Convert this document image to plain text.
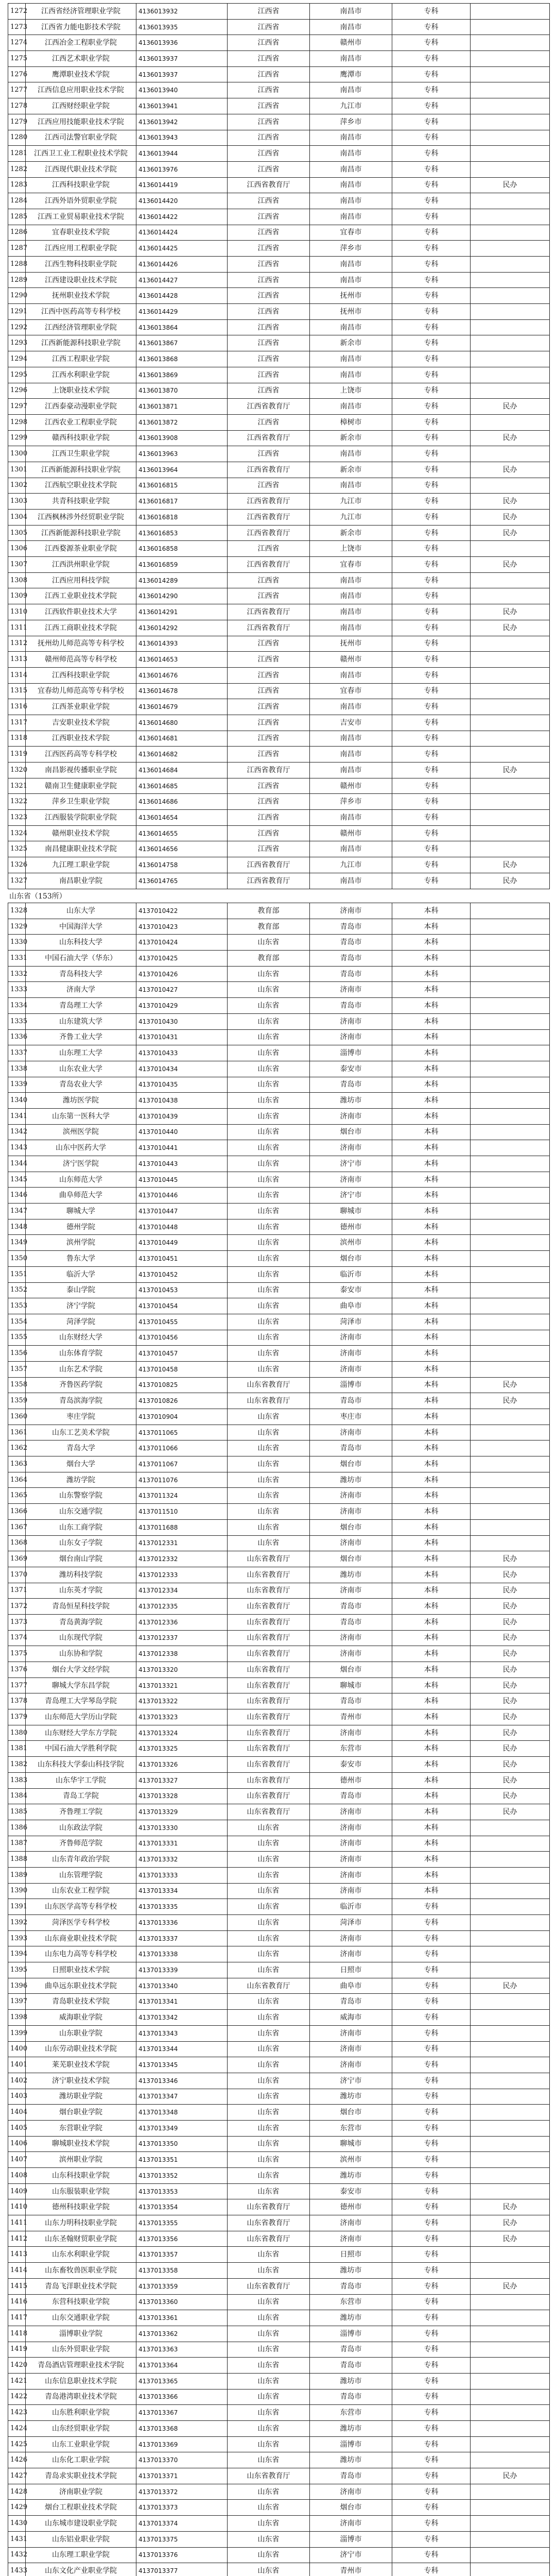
1272	江西省经济管理职业学院	4136013932	江西省	南昌市	专科	
1273	江西省力能电影技术学院	4136013935	江西省	南昌市	专科	
1274	江西冶金工程职业学院	4136013936	江西省	赣州市	专科	
1275	江西艺术职业学院	4136013937	江西省	南昌市	专科	
1276	鹰潭职业技术学院	4136013937	江西省	鹰潭市	专科	
1277	江西信息应用职业技术学院	4136013940	江西省	南昌市	专科	
1278	江西财经职业学院	4136013941	江西省	九江市	专科	
1279	江西应用技能职业技术学院	4136013942	江西省	萍乡市	专科	
1280	江西司法警官职业学院	4136013943	江西省	南昌市	专科	
1281	江西卫工业工程职业技术学院	4136013944	江西省	南昌市	专科	
1282	江西现代职业技术学院	4136013976	江西省	南昌市	专科	
1283	江西科技职业学院	4136014419	江西省教育厅	南昌市	专科	民办
1284	江西外语外贸职业学院	4136014420	江西省	南昌市	专科	
1285	江西工业贸易职业技术学院	4136014422	江西省	南昌市	专科	
1286	宜春职业技术学院	4136014424	江西省	宜春市	专科	
1287	江西应用工程职业学院	4136014425	江西省	萍乡市	专科	
1288	江西生物科技职业学院	4136014426	江西省	南昌市	专科	
1289	江西建设职业技术学院	4136014427	江西省	南昌市	专科	
1290	抚州职业技术学院	4136014428	江西省	抚州市	专科	
1291	江西中医药高等专科学校	4136014429	江西省	抚州市	专科	
1292	江西经济管理职业学院	4136013864	江西省	南昌市	专科	
1293	江西新能源科技职业学院	4136013867	江西省	新余市	专科	
1294	江西工程职业学院	4136013868	江西省	南昌市	专科	
1295	江西水利职业学院	4136013869	江西省	南昌市	专科	
1296	上饶职业技术学院	4136013870	江西省	上饶市	专科	
1297	江西泰豪动漫职业学院	4136013871	江西省教育厅	南昌市	专科	民办
1298	江西农业工程职业学院	4136013872	江西省	樟树市	专科	
1299	赣西科技职业学院	4136013908	江西省教育厅	新余市	专科	民办
1300	江西卫生职业学院	4136013963	江西省	南昌市	专科	
1301	江西新能源科技职业学院	4136013964	江西省教育厅	新余市	专科	民办
1302	江西航空职业技术学院	4136016815	江西省	南昌市	专科	
1303	共青科技职业学院	4136016817	江西省教育厅	九江市	专科	民办
1304	江西枫林涉外经贸职业学院	4136016818	江西省教育厅	九江市	专科	民办
1305	江西新能源科技职业学院	4136016853	江西省教育厅	新余市	专科	民办
1306	江西婺源茶业职业学院	4136016858	江西省	上饶市	专科	
1307	江西洪州职业学院	4136016859	江西省教育厅	宜春市	专科	民办
1308	江西应用科技学院	4136014289	江西省	南昌市	专科	
1309	江西工业职业技术学院	4136014290	江西省	南昌市	专科	
1310	江西软件职业技术大学	4136014291	江西省教育厅	南昌市	专科	民办
1311	江西工商职业技术学院	4136014292	江西省教育厅	南昌市	专科	民办
1312	抚州幼儿师范高等专科学校	4136014393	江西省	抚州市	专科	
1313	赣州师范高等专科学校	4136014653	江西省	赣州市	专科	
1314	江西科技职业学院	4136014676	江西省	南昌市	专科	
1315	宜春幼儿师范高等专科学校	4136014678	江西省	宜春市	专科	
1316	江西茶业职业学院	4136014679	江西省	南昌市	专科	
1317	吉安职业技术学院	4136014680	江西省	吉安市	专科	
1318	江西职业技术学院	4136014681	江西省	南昌市	专科	
1319	江西医药高等专科学校	4136014682	江西省	南昌市	专科	
1320	南昌影视传播职业学院	4136014684	江西省教育厅	南昌市	专科	民办
1321	赣南卫生健康职业学院	4136014685	江西省	赣州市	专科	
1322	萍乡卫生职业学院	4136014686	江西省	萍乡市	专科	
1323	江西服装学院职业学院	4136014654	江西省	南昌市	专科	
1324	赣州职业技术学院	4136014655	江西省	赣州市	专科	
1325	南昌健康职业技术学院	4136014656	江西省	南昌市	专科	
1326	九江理工职业学院	4136014758	江西省教育厅	九江市	专科	民办
1327	南昌职业学院	4136014765	江西省教育厅	南昌市	专科	民办
山东省（153所）
1328	山东大学	4137010422	教育部	济南市	本科	
1329	中国海洋大学	4137010423	教育部	青岛市	本科	
1330	山东科技大学	4137010424	山东省	青岛市	本科	
1331	中国石油大学（华东）	4137010425	教育部	青岛市	本科	
1332	青岛科技大学	4137010426	山东省	青岛市	本科	
1333	济南大学	4137010427	山东省	济南市	本科	
1334	青岛理工大学	4137010429	山东省	青岛市	本科	
1335	山东建筑大学	4137010430	山东省	济南市	本科	
1336	齐鲁工业大学	4137010431	山东省	济南市	本科	
1337	山东理工大学	4137010433	山东省	淄博市	本科	
1338	山东农业大学	4137010434	山东省	泰安市	本科	
1339	青岛农业大学	4137010435	山东省	青岛市	本科	
1340	潍坊医学院	4137010438	山东省	潍坊市	本科	
1341	山东第一医科大学	4137010439	山东省	济南市	本科	
1342	滨州医学院	4137010440	山东省	烟台市	本科	
1343	山东中医药大学	4137010441	山东省	济南市	本科	
1344	济宁医学院	4137010443	山东省	济宁市	本科	
1345	山东师范大学	4137010445	山东省	济南市	本科	
1346	曲阜师范大学	4137010446	山东省	济宁市	本科	
1347	聊城大学	4137010447	山东省	聊城市	本科	
1348	德州学院	4137010448	山东省	德州市	本科	
1349	滨州学院	4137010449	山东省	滨州市	本科	
1350	鲁东大学	4137010451	山东省	烟台市	本科	
1351	临沂大学	4137010452	山东省	临沂市	本科	
1352	泰山学院	4137010453	山东省	泰安市	本科	
1353	济宁学院	4137010454	山东省	曲阜市	本科	
1354	菏泽学院	4137010455	山东省	菏泽市	本科	
1355	山东财经大学	4137010456	山东省	济南市	本科	
1356	山东体育学院	4137010457	山东省	济南市	本科	
1357	山东艺术学院	4137010458	山东省	济南市	本科	
1358	齐鲁医药学院	4137010825	山东省教育厅	淄博市	本科	民办
1359	青岛滨海学院	4137010826	山东省教育厅	青岛市	本科	民办
1360	枣庄学院	4137010904	山东省	枣庄市	本科	
1361	山东工艺美术学院	4137011065	山东省	济南市	本科	
1362	青岛大学	4137011066	山东省	青岛市	本科	
1363	烟台大学	4137011067	山东省	烟台市	本科	
1364	潍坊学院	4137011076	山东省	潍坊市	本科	
1365	山东警察学院	4137011324	山东省	济南市	本科	
1366	山东交通学院	4137011510	山东省	济南市	本科	
1367	山东工商学院	4137011688	山东省	烟台市	本科	
1368	山东女子学院	4137012331	山东省	济南市	本科	
1369	烟台南山学院	4137012332	山东省教育厅	烟台市	本科	民办
1370	潍坊科技学院	4137012333	山东省教育厅	潍坊市	本科	民办
1371	山东英才学院	4137012334	山东省教育厅	济南市	本科	民办
1372	青岛恒星科技学院	4137012335	山东省教育厅	青岛市	本科	民办
1373	青岛黄海学院	4137012336	山东省教育厅	青岛市	本科	民办
1374	山东现代学院	4137012337	山东省教育厅	济南市	本科	民办
1375	山东协和学院	4137012338	山东省教育厅	济南市	本科	民办
1376	烟台大学文经学院	4137013320	山东省教育厅	烟台市	本科	民办
1377	聊城大学东昌学院	4137013321	山东省教育厅	聊城市	本科	民办
1378	青岛理工大学琴岛学院	4137013322	山东省教育厅	青岛市	本科	民办
1379	山东师范大学历山学院	4137013323	山东省教育厅	青州市	本科	民办
1380	山东财经大学东方学院	4137013324	山东省教育厅	济南市	本科	民办
1381	中国石油大学胜利学院	4137013325	山东省教育厅	东营市	本科	民办
1382	山东科技大学泰山科技学院	4137013326	山东省教育厅	泰安市	本科	民办
1383	山东华宇工学院	4137013327	山东省教育厅	德州市	本科	民办
1384	青岛工学院	4137013328	山东省教育厅	青岛市	本科	民办
1385	齐鲁理工学院	4137013329	山东省教育厅	济南市	本科	民办
1386	山东政法学院	4137013330	山东省	济南市	本科	
1387	齐鲁师范学院	4137013331	山东省	济南市	本科	
1388	山东青年政治学院	4137013332	山东省	济南市	本科	
1389	山东管理学院	4137013333	山东省	济南市	本科	
1390	山东农业工程学院	4137013334	山东省	济南市	本科	
1391	山东医学高等专科学校	4137013335	山东省	临沂市	专科	
1392	菏泽医学专科学校	4137013336	山东省	菏泽市	专科	
1393	山东商业职业技术学院	4137013337	山东省	济南市	专科	
1394	山东电力高等专科学校	4137013338	山东省	济南市	专科	
1395	日照职业技术学院	4137013339	山东省	日照市	专科	
1396	曲阜远东职业技术学院	4137013340	山东省教育厅	曲阜市	专科	民办
1397	青岛职业技术学院	4137013341	山东省	青岛市	专科	
1398	威海职业学院	4137013342	山东省	威海市	专科	
1399	山东职业学院	4137013343	山东省	济南市	专科	
1400	山东劳动职业技术学院	4137013344	山东省	济南市	专科	
1401	莱芜职业技术学院	4137013345	山东省	济南市	专科	
1402	济宁职业技术学院	4137013346	山东省	济宁市	专科	
1403	潍坊职业学院	4137013347	山东省	潍坊市	专科	
1404	烟台职业学院	4137013348	山东省	烟台市	专科	
1405	东营职业学院	4137013349	山东省	东营市	专科	
1406	聊城职业技术学院	4137013350	山东省	聊城市	专科	
1407	滨州职业学院	4137013351	山东省	滨州市	专科	
1408	山东科技职业学院	4137013352	山东省	潍坊市	专科	
1409	山东服装职业学院	4137013353	山东省	泰安市	专科	
1410	德州科技职业学院	4137013354	山东省教育厅	德州市	专科	民办
1411	山东力明科技职业学院	4137013355	山东省教育厅	济南市	专科	民办
1412	山东圣翰财贸职业学院	4137013356	山东省教育厅	济南市	专科	民办
1413	山东水利职业学院	4137013357	山东省	日照市	专科	
1414	山东畜牧兽医职业学院	4137013358	山东省	潍坊市	专科	
1415	青岛飞洋职业技术学院	4137013359	山东省教育厅	青岛市	专科	民办
1416	东营科技职业学院	4137013360	山东省	东营市	专科	
1417	山东交通职业学院	4137013361	山东省	潍坊市	专科	
1418	淄博职业学院	4137013362	山东省	淄博市	专科	
1419	山东外贸职业学院	4137013363	山东省	青岛市	专科	
1420	青岛酒店管理职业技术学院	4137013364	山东省	青岛市	专科	
1421	山东信息职业技术学院	4137013365	山东省	潍坊市	专科	
1422	青岛港湾职业技术学院	4137013366	山东省	青岛市	专科	
1423	山东胜利职业学院	4137013367	山东省	东营市	专科	
1424	山东经贸职业学院	4137013368	山东省	潍坊市	专科	
1425	山东工业职业学院	4137013369	山东省	淄博市	专科	
1426	山东化工职业学院	4137013370	山东省	潍坊市	专科	
1427	青岛求实职业技术学院	4137013371	山东省教育厅	青岛市	专科	民办
1428	济南职业学院	4137013372	山东省	济南市	专科	
1429	烟台工程职业技术学院	4137013373	山东省	烟台市	专科	
1430	山东城市建设职业学院	4137013374	山东省	济南市	专科	
1431	山东铝业职业学院	4137013375	山东省	淄博市	专科	
1432	山东理工职业学院	4137013376	山东省	济宁市	专科	
1433	山东文化产业职业学院	4137013377	山东省	青州市	专科	
